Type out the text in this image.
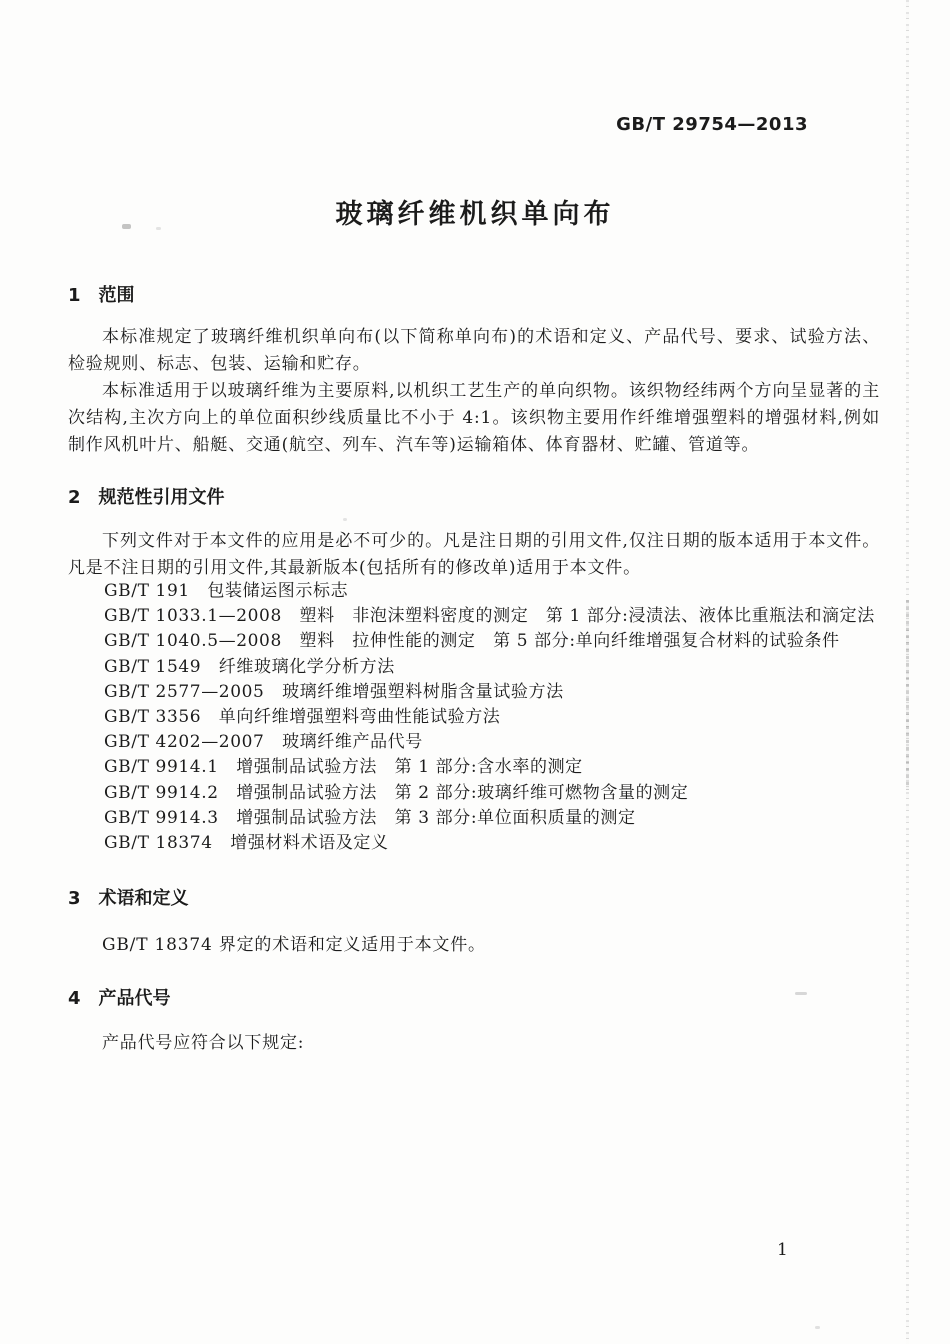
GB/T 29754—2013
玻璃纤维机织单向布
1　范围

本标准规定了玻璃纤维机织单向布(以下简称单向布)的术语和定义、产品代号、要求、试验方法、检验规则、标志、包装、运输和贮存。

本标准适用于以玻璃纤维为主要原料,以机织工艺生产的单向织物。该织物经纬两个方向呈显著的主次结构,主次方向上的单位面积纱线质量比不小于 4:1。该织物主要用作纤维增强塑料的增强材料,例如制作风机叶片、船艇、交通(航空、列车、汽车等)运输箱体、体育器材、贮罐、管道等。

2　规范性引用文件

下列文件对于本文件的应用是必不可少的。凡是注日期的引用文件,仅注日期的版本适用于本文件。凡是不注日期的引用文件,其最新版本(包括所有的修改单)适用于本文件。

GB/T 191　包装储运图示标志
GB/T 1033.1—2008　塑料　非泡沫塑料密度的测定　第 1 部分:浸渍法、液体比重瓶法和滴定法
GB/T 1040.5—2008　塑料　拉伸性能的测定　第 5 部分:单向纤维增强复合材料的试验条件
GB/T 1549　纤维玻璃化学分析方法
GB/T 2577—2005　玻璃纤维增强塑料树脂含量试验方法
GB/T 3356　单向纤维增强塑料弯曲性能试验方法
GB/T 4202—2007　玻璃纤维产品代号
GB/T 9914.1　增强制品试验方法　第 1 部分:含水率的测定
GB/T 9914.2　增强制品试验方法　第 2 部分:玻璃纤维可燃物含量的测定
GB/T 9914.3　增强制品试验方法　第 3 部分:单位面积质量的测定
GB/T 18374　增强材料术语及定义
3　术语和定义

GB/T 18374 界定的术语和定义适用于本文件。

4　产品代号

产品代号应符合以下规定:

1
